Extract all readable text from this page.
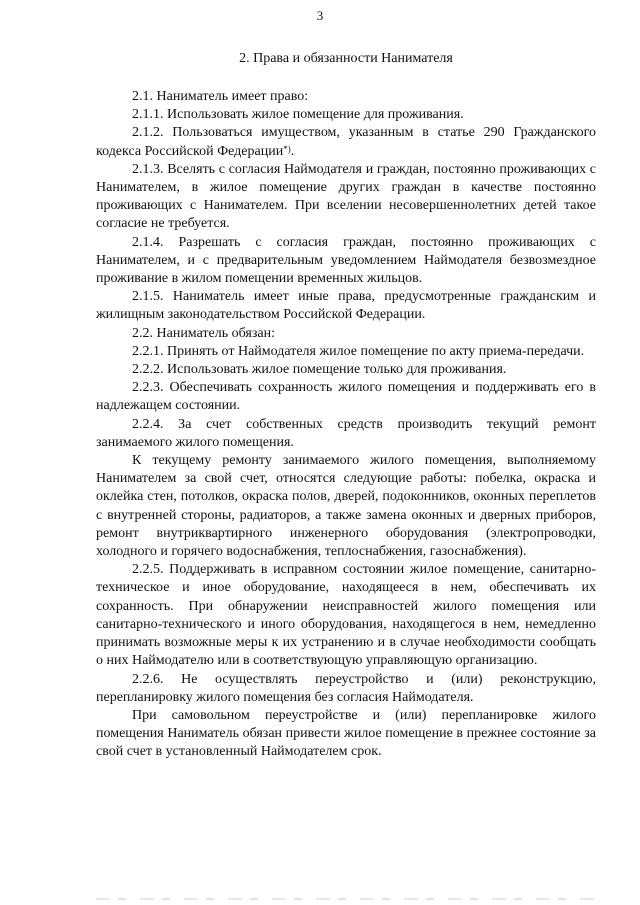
3
2. Права и обязанности Нанимателя

2.1. Наниматель имеет право:

2.1.1. Использовать жилое помещение для проживания.

2.1.2. Пользоваться имуществом, указанным в статье 290 Гражданского кодекса Российской Федерации*).

2.1.3. Вселять с согласия Наймодателя и граждан, постоянно проживающих с Нанимателем, в жилое помещение других граждан в качестве постоянно проживающих с Нанимателем. При вселении несовершеннолетних детей такое согласие не требуется.

2.1.4. Разрешать с согласия граждан, постоянно проживающих с Нанимателем, и с предварительным уведомлением Наймодателя безвозмездное проживание в жилом помещении временных жильцов.

2.1.5. Наниматель имеет иные права, предусмотренные гражданским и жилищным законодательством Российской Федерации.

2.2. Наниматель обязан:

2.2.1. Принять от Наймодателя жилое помещение по акту приема-передачи.

2.2.2. Использовать жилое помещение только для проживания.

2.2.3. Обеспечивать сохранность жилого помещения и поддерживать его в надлежащем состоянии.

2.2.4. За счет собственных средств производить текущий ремонт занимаемого жилого помещения.

К текущему ремонту занимаемого жилого помещения, выполняемому Нанимателем за свой счет, относятся следующие работы: побелка, окраска и оклейка стен, потолков, окраска полов, дверей, подоконников, оконных переплетов с внутренней стороны, радиаторов, а также замена оконных и дверных приборов, ремонт внутриквартирного инженерного оборудования (электропроводки, холодного и горячего водоснабжения, теплоснабжения, газоснабжения).

2.2.5. Поддерживать в исправном состоянии жилое помещение, санитарно-техническое и иное оборудование, находящееся в нем, обеспечивать их сохранность. При обнаружении неисправностей жилого помещения или санитарно-технического и иного оборудования, находящегося в нем, немедленно принимать возможные меры к их устранению и в случае необходимости сообщать о них Наймодателю или в соответствующую управляющую организацию.

2.2.6. Не осуществлять переустройство и (или) реконструкцию, перепланировку жилого помещения без согласия Наймодателя.

При самовольном переустройстве и (или) перепланировке жилого помещения Наниматель обязан привести жилое помещение в прежнее состояние за свой счет в установленный Наймодателем срок.
